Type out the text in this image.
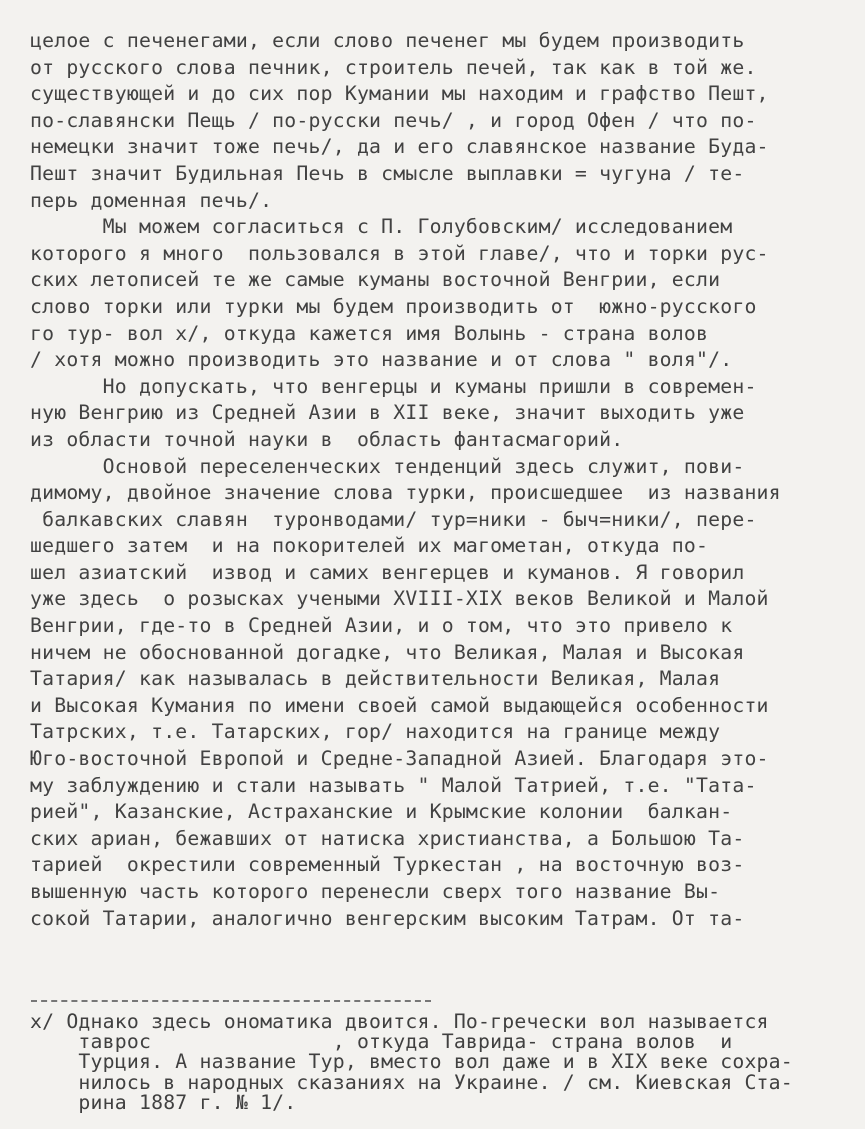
целое с печенегами, если слово печенег мы будем производить
от русского слова печник, строитель печей, так как в той же.
существующей и до сих пор Кумании мы находим и графство Пешт,
по-славянски Пещь / по-русски печь/ , и город Офен / что по-
немецки значит тоже печь/, да и его славянское название Буда-
Пешт значит Будильная Печь в смысле выплавки = чугуна / те-
перь доменная печь/.
Мы можем согласиться с П. Голубовским/ исследованием
которого я много  пользовался в этой главе/, что и торки рус-
ских летописей те же самые куманы восточной Венгрии, если
слово торки или турки мы будем производить от  южно-русского
го тур- вол x/, откуда кажется имя Волынь - страна волов
/ хотя можно производить это название и от слова " воля"/.
Но допускать, что венгерцы и куманы пришли в современ-
ную Венгрию из Средней Азии в XII веке, значит выходить уже
из области точной науки в  область фантасмагорий.
Основой переселенческих тенденций здесь служит, пови-
димому, двойное значение слова турки, происшедшее  из названия
балкавских славян  туронводами/ тур=ники - быч=ники/, пере-
шедшего затем  и на покорителей их магометан, откуда по-
шел азиатский  извод и самих венгерцев и куманов. Я говорил
уже здесь  о розысках учеными XVIII-XIX веков Великой и Малой
Венгрии, где-то в Средней Азии, и о том, что это привело к
ничем не обоснованной догадке, что Великая, Малая и Высокая
Татария/ как называлась в действительности Великая, Малая
и Высокая Кумания по имени своей самой выдающейся особенности
Татрских, т.е. Татарских, гор/ находится на границе между
Юго-восточной Европой и Средне-Западной Азией. Благодаря это-
му заблуждению и стали называть " Малой Татрией, т.е. "Тата-
рией", Казанские, Астраханские и Крымские колонии  балкан-
ских ариан, бежавших от натиска христианства, а Большою Та-
тарией  окрестили современный Туркестан , на восточную воз-
вышенную часть которого перенесли сверх того название Вы-
сокой Татарии, аналогично венгерским высоким Татрам. От та-
x/ Однако здесь ономатика двоится. По-гречески вол называется
таврос               , откуда Таврида- страна волов  и
Турция. А название Тур, вместо вол даже и в XIX веке сохра-
нилось в народных сказаниях на Украине. / см. Киевская Ста-
рина 1887 г. № 1/.
